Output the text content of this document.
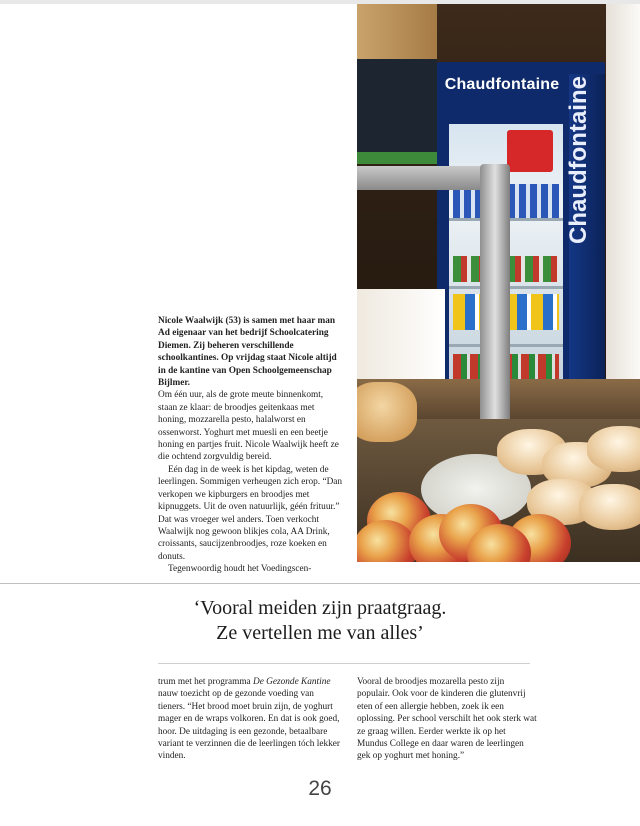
Chaudfontaine Chaudfontaine

Nicole Waalwijk (53) is samen met haar man Ad eigenaar van het bedrijf Schoolcatering Diemen. Zij beheren verschillende schoolkantines. Op vrijdag staat Nicole altijd in de kantine van Open Schoolgemeenschap Bijlmer.

Om één uur, als de grote meute binnenkomt, staan ze klaar: de broodjes geitenkaas met honing, mozzarella pesto, halalworst en ossenworst. Yoghurt met muesli en een beetje honing en partjes fruit. Nicole Waalwijk heeft ze die ochtend zorgvuldig bereid.

Eén dag in de week is het kipdag, weten de leerlingen. Sommigen verheugen zich erop. “Dan verkopen we kipburgers en broodjes met kipnuggets. Uit de oven natuurlijk, géén frituur.” Dat was vroeger wel anders. Toen verkocht Waalwijk nog gewoon blikjes cola, AA Drink, croissants, saucijzenbroodjes, roze koeken en donuts.

Tegenwoordig houdt het Voedingscen-

‘Vooral meiden zijn praatgraag.
Ze vertellen me van alles’

trum met het programma De Gezonde Kantine nauw toezicht op de gezonde voeding van tieners. “Het brood moet bruin zijn, de yoghurt mager en de wraps volkoren. En dat is ook goed, hoor. De uitdaging is een gezonde, betaalbare variant te verzinnen die de leerlingen tóch lekker vinden.

Vooral de broodjes mozarella pesto zijn populair. Ook voor de kinderen die glutenvrij eten of een allergie hebben, zoek ik een oplossing. Per school verschilt het ook sterk wat ze graag willen. Eerder werkte ik op het Mundus College en daar waren de leerlingen gek op yoghurt met honing.”

26
